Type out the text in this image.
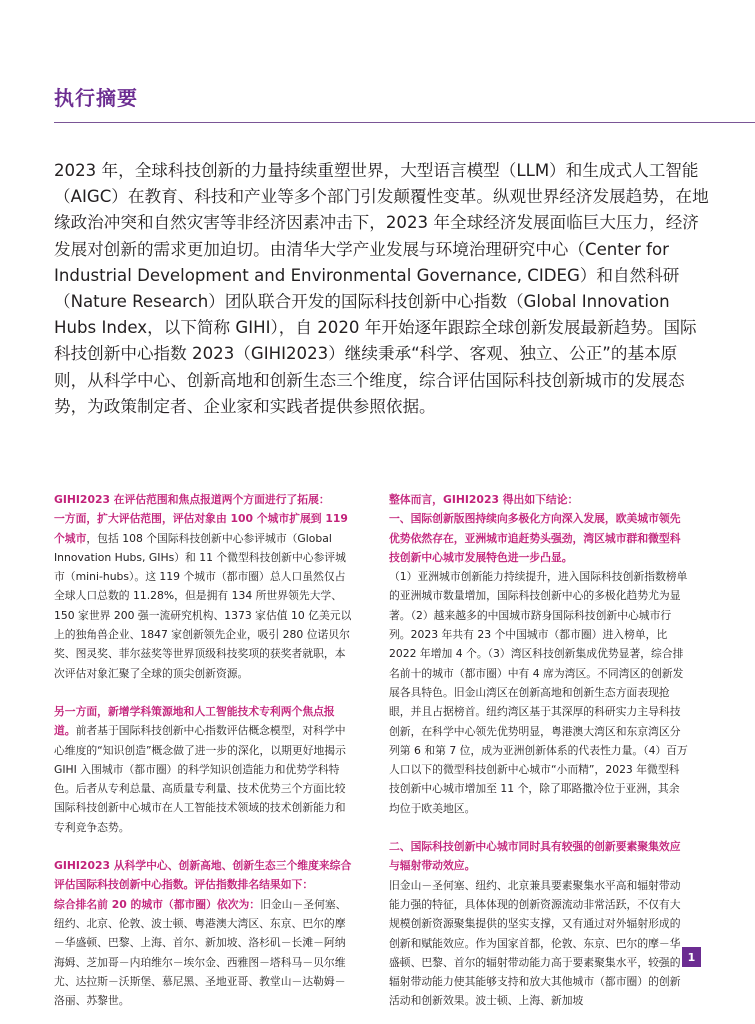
执行摘要

2023 年，全球科技创新的力量持续重塑世界，大型语言模型（LLM）和生成式人工智能（AIGC）在教育、科技和产业等多个部门引发颠覆性变革。纵观世界经济发展趋势，在地缘政治冲突和自然灾害等非经济因素冲击下，2023 年全球经济发展面临巨大压力，经济发展对创新的需求更加迫切。由清华大学产业发展与环境治理研究中心（Center for Industrial Development and Environmental Governance, CIDEG）和自然科研（Nature Research）团队联合开发的国际科技创新中心指数（Global Innovation Hubs Index，以下简称 GIHI），自 2020 年开始逐年跟踪全球创新发展最新趋势。国际科技创新中心指数 2023（GIHI2023）继续秉承“科学、客观、独立、公正”的基本原则，从科学中心、创新高地和创新生态三个维度，综合评估国际科技创新城市的发展态势，为政策制定者、企业家和实践者提供参照依据。

GIHI2023 在评估范围和焦点报道两个方面进行了拓展：
一方面，扩大评估范围，评估对象由 100 个城市扩展到 119 个城市，包括 108 个国际科技创新中心参评城市（Global Innovation Hubs, GIHs）和 11 个微型科技创新中心参评城市（mini-hubs）。这 119 个城市（都市圈）总人口虽然仅占全球人口总数的 11.28%，但是拥有 134 所世界领先大学、150 家世界 200 强一流研究机构、1373 家估值 10 亿美元以上的独角兽企业、1847 家创新领先企业，吸引 280 位诺贝尔奖、图灵奖、菲尔兹奖等世界顶级科技奖项的获奖者就职，本次评估对象汇聚了全球的顶尖创新资源。

另一方面，新增学科策源地和人工智能技术专利两个焦点报道。前者基于国际科技创新中心指数评估概念模型，对科学中心维度的“知识创造”概念做了进一步的深化，以期更好地揭示 GIHI 入围城市（都市圈）的科学知识创造能力和优势学科特色。后者从专利总量、高质量专利量、技术优势三个方面比较国际科技创新中心城市在人工智能技术领域的技术创新能力和专利竞争态势。

GIHI2023 从科学中心、创新高地、创新生态三个维度来综合评估国际科技创新中心指数。评估指数排名结果如下：
综合排名前 20 的城市（都市圈）依次为：旧金山－圣何塞、纽约、北京、伦敦、波士顿、粤港澳大湾区、东京、巴尔的摩－华盛顿、巴黎、上海、首尔、新加坡、洛杉矶－长滩－阿纳海姆、芝加哥－内珀维尔－埃尔金、西雅图－塔科马－贝尔维尤、达拉斯－沃斯堡、慕尼黑、圣地亚哥、教堂山－达勒姆－洛丽、苏黎世。

整体而言，GIHI2023 得出如下结论：
一、国际创新版图持续向多极化方向深入发展，欧美城市领先优势依然存在，亚洲城市追赶势头强劲，湾区城市群和微型科技创新中心城市发展特色进一步凸显。
（1）亚洲城市创新能力持续提升，进入国际科技创新指数榜单的亚洲城市数量增加，国际科技创新中心的多极化趋势尤为显著。（2）越来越多的中国城市跻身国际科技创新中心城市行列。2023 年共有 23 个中国城市（都市圈）进入榜单，比 2022 年增加 4 个。（3）湾区科技创新集成优势显著，综合排名前十的城市（都市圈）中有 4 席为湾区。不同湾区的创新发展各具特色。旧金山湾区在创新高地和创新生态方面表现抢眼，并且占据榜首。纽约湾区基于其深厚的科研实力主导科技创新，在科学中心领先优势明显，粤港澳大湾区和东京湾区分列第 6 和第 7 位，成为亚洲创新体系的代表性力量。（4）百万人口以下的微型科技创新中心城市“小而精”，2023 年微型科技创新中心城市增加至 11 个，除了耶路撒冷位于亚洲，其余均位于欧美地区。

二、国际科技创新中心城市同时具有较强的创新要素聚集效应与辐射带动效应。
旧金山－圣何塞、纽约、北京兼具要素聚集水平高和辐射带动能力强的特征，具体体现的创新资源流动非常活跃，不仅有大规模创新资源聚集提供的坚实支撑，又有通过对外辐射形成的创新和赋能效应。作为国家首都，伦敦、东京、巴尔的摩－华盛顿、巴黎、首尔的辐射带动能力高于要素聚集水平，较强的辐射带动能力使其能够支持和放大其他城市（都市圈）的创新活动和创新效果。波士顿、上海、新加坡

1
